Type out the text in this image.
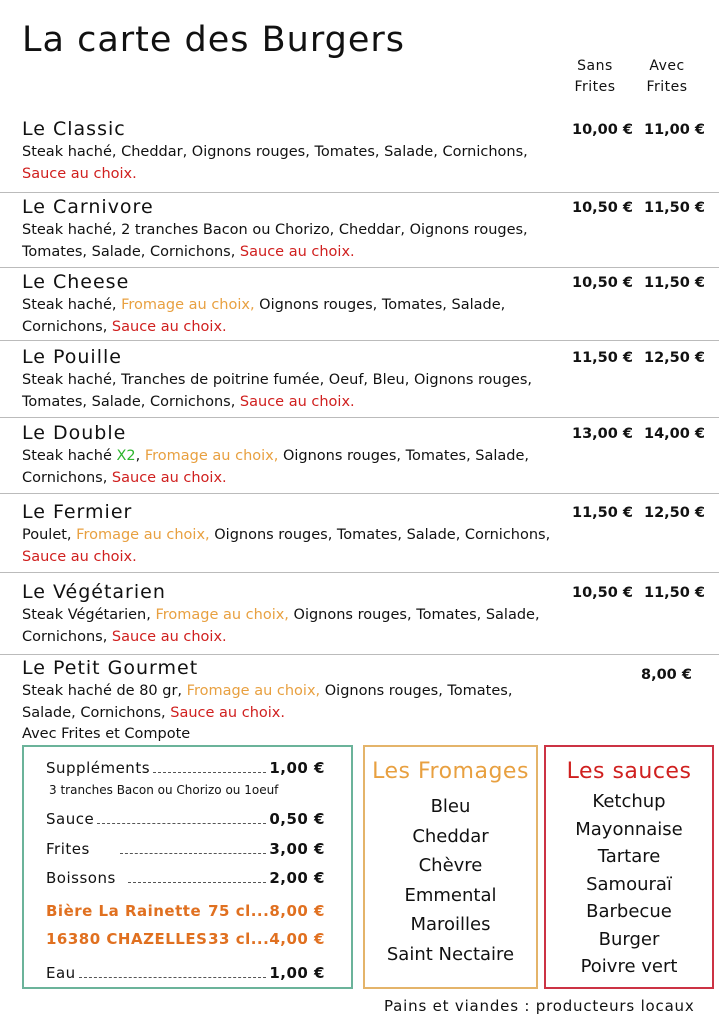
La carte des Burgers
Sans
Frites
Avec
Frites
Le Classic
Steak haché, Cheddar, Oignons rouges, Tomates, Salade, Cornichons, Sauce au choix.
10,00 € 11,00 €
Le Carnivore
Steak haché, 2 tranches Bacon ou Chorizo, Cheddar, Oignons rouges, Tomates, Salade, Cornichons, Sauce au choix.
10,50 € 11,50 €
Le Cheese
Steak haché, Fromage au choix, Oignons rouges, Tomates, Salade, Cornichons, Sauce au choix.
10,50 € 11,50 €
Le Pouille
Steak haché, Tranches de poitrine fumée, Oeuf, Bleu, Oignons rouges, Tomates, Salade, Cornichons, Sauce au choix.
11,50 € 12,50 €
Le Double
Steak haché X2, Fromage au choix, Oignons rouges, Tomates, Salade, Cornichons, Sauce au choix.
13,00 € 14,00 €
Le Fermier
Poulet, Fromage au choix, Oignons rouges, Tomates, Salade, Cornichons, Sauce au choix.
11,50 € 12,50 €
Le Végétarien
Steak Végétarien, Fromage au choix, Oignons rouges, Tomates, Salade, Cornichons, Sauce au choix.
10,50 € 11,50 €
Le Petit Gourmet
Steak haché de 80 gr, Fromage au choix, Oignons rouges, Tomates, Salade, Cornichons, Sauce au choix.
Avec Frites et Compote
8,00 €
Suppléments	1,00 €
3 tranches Bacon ou Chorizo ou 1oeuf
Sauce	0,50 €
Frites	3,00 €
Boissons	2,00 €
Bière La Rainette 75 cl...8,00 €
16380 CHAZELLES 33 cl...4,00 €
Eau	1,00 €
Les Fromages
Bleu
Cheddar
Chèvre
Emmental
Maroilles
Saint Nectaire
Les sauces
Ketchup
Mayonnaise
Tartare
Samouraï
Barbecue
Burger
Poivre vert
Pains et viandes : producteurs locaux
